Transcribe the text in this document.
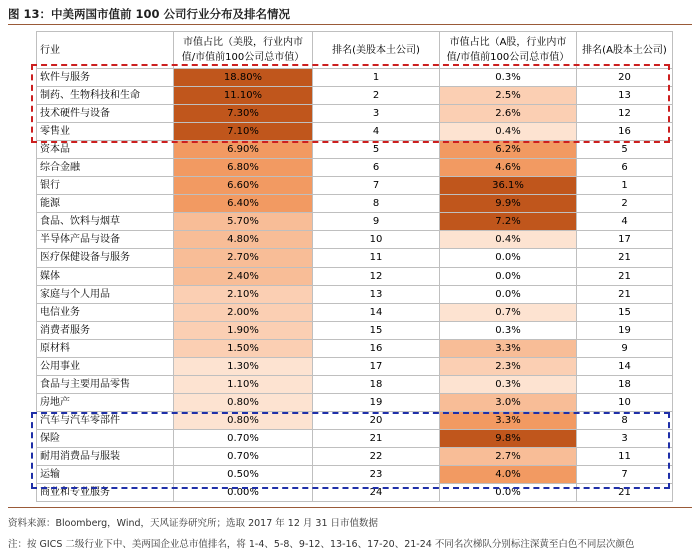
图 13：中美两国市值前 100 公司行业分布及排名情况
行业	市值占比（美股，行业内市值/市值前100公司总市值）	排名(美股本土公司)	市值占比（A股，行业内市值/市值前100公司总市值）	排名(A股本土公司)
软件与服务	18.80%	1	0.3%	20
制药、生物科技和生命	11.10%	2	2.5%	13
技术硬件与设备	7.30%	3	2.6%	12
零售业	7.10%	4	0.4%	16
资本品	6.90%	5	6.2%	5
综合金融	6.80%	6	4.6%	6
银行	6.60%	7	36.1%	1
能源	6.40%	8	9.9%	2
食品、饮料与烟草	5.70%	9	7.2%	4
半导体产品与设备	4.80%	10	0.4%	17
医疗保健设备与服务	2.70%	11	0.0%	21
媒体	2.40%	12	0.0%	21
家庭与个人用品	2.10%	13	0.0%	21
电信业务	2.00%	14	0.7%	15
消费者服务	1.90%	15	0.3%	19
原材料	1.50%	16	3.3%	9
公用事业	1.30%	17	2.3%	14
食品与主要用品零售	1.10%	18	0.3%	18
房地产	0.80%	19	3.0%	10
汽车与汽车零部件	0.80%	20	3.3%	8
保险	0.70%	21	9.8%	3
耐用消费品与服装	0.70%	22	2.7%	11
运输	0.50%	23	4.0%	7
商业和专业服务	0.00%	24	0.0%	21
资料来源：Bloomberg，Wind，天风证券研究所；选取 2017 年 12 月 31 日市值数据
注：按 GICS 二级行业下中、美两国企业总市值排名，将 1-4、5-8、9-12、13-16、17-20、21-24 不同名次梯队分别标注深黄至白色不同层次颜色
